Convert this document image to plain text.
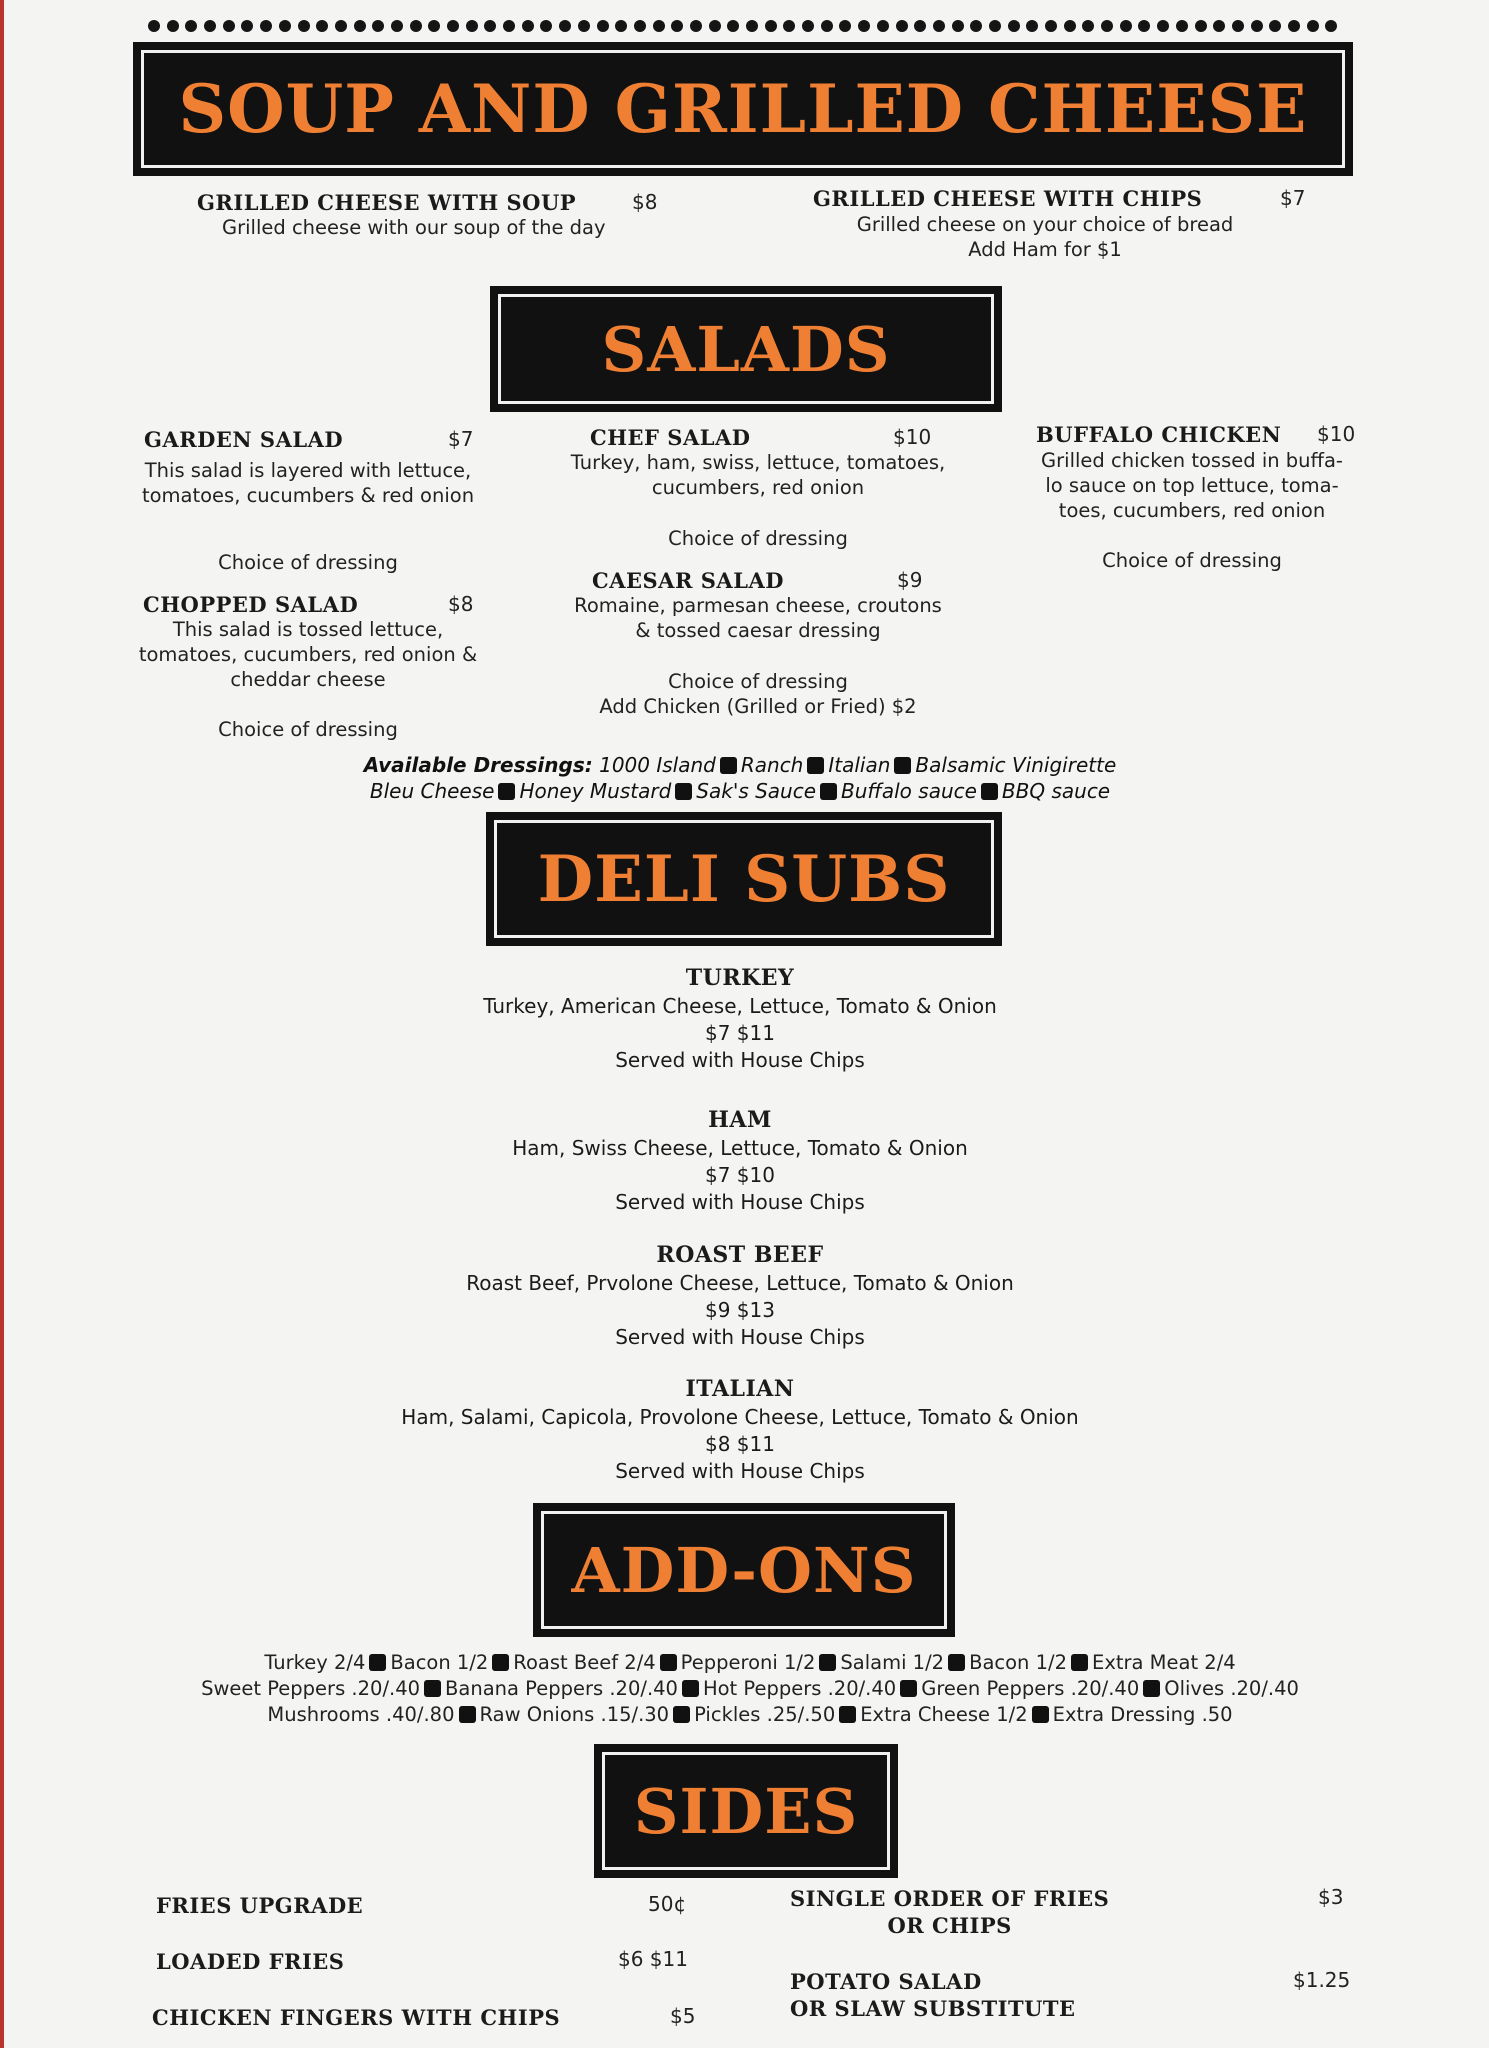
SOUP AND GRILLED CHEESE
GRILLED CHEESE WITH SOUP	$8
Grilled cheese with our soup of the day
GRILLED CHEESE WITH CHIPS	$7
Grilled cheese on your choice of bread
Add Ham for $1
SALADS
GARDEN SALAD	$7
This salad is layered with lettuce,
tomatoes, cucumbers & red onion
Choice of dressing
CHOPPED SALAD	$8
This salad is tossed lettuce,
tomatoes, cucumbers, red onion &
cheddar cheese
Choice of dressing
CHEF SALAD	$10
Turkey, ham, swiss, lettuce, tomatoes,
cucumbers, red onion
Choice of dressing
CAESAR SALAD	$9
Romaine, parmesan cheese, croutons
& tossed caesar dressing
Choice of dressing
Add Chicken (Grilled or Fried) $2
BUFFALO CHICKEN $10
Grilled chicken tossed in buffa-
lo sauce on top lettuce, toma-
toes, cucumbers, red onion
Choice of dressing
Available Dressings: 1000 Island Ranch Italian Balsamic Vinigirette
Bleu Cheese Honey Mustard Sak's Sauce Buffalo sauce BBQ sauce
DELI SUBS
TURKEY
Turkey, American Cheese, Lettuce, Tomato & Onion
$7 $11
Served with House Chips
HAM
Ham, Swiss Cheese, Lettuce, Tomato & Onion
$7 $10
Served with House Chips
ROAST BEEF
Roast Beef, Prvolone Cheese, Lettuce, Tomato & Onion
$9 $13
Served with House Chips
ITALIAN
Ham, Salami, Capicola, Provolone Cheese, Lettuce, Tomato & Onion
$8 $11
Served with House Chips
ADD-ONS
Turkey 2/4 Bacon 1/2 Roast Beef 2/4 Pepperoni 1/2 Salami 1/2 Bacon 1/2 Extra Meat 2/4
Sweet Peppers .20/.40 Banana Peppers .20/.40 Hot Peppers .20/.40 Green Peppers .20/.40 Olives .20/.40
Mushrooms .40/.80 Raw Onions .15/.30 Pickles .25/.50 Extra Cheese 1/2 Extra Dressing .50
SIDES
FRIES UPGRADE	50¢
LOADED FRIES	$6 $11
CHICKEN FINGERS WITH CHIPS	$5
SINGLE ORDER OF FRIES
OR CHIPS
$3
POTATO SALAD
OR SLAW SUBSTITUTE
$1.25
